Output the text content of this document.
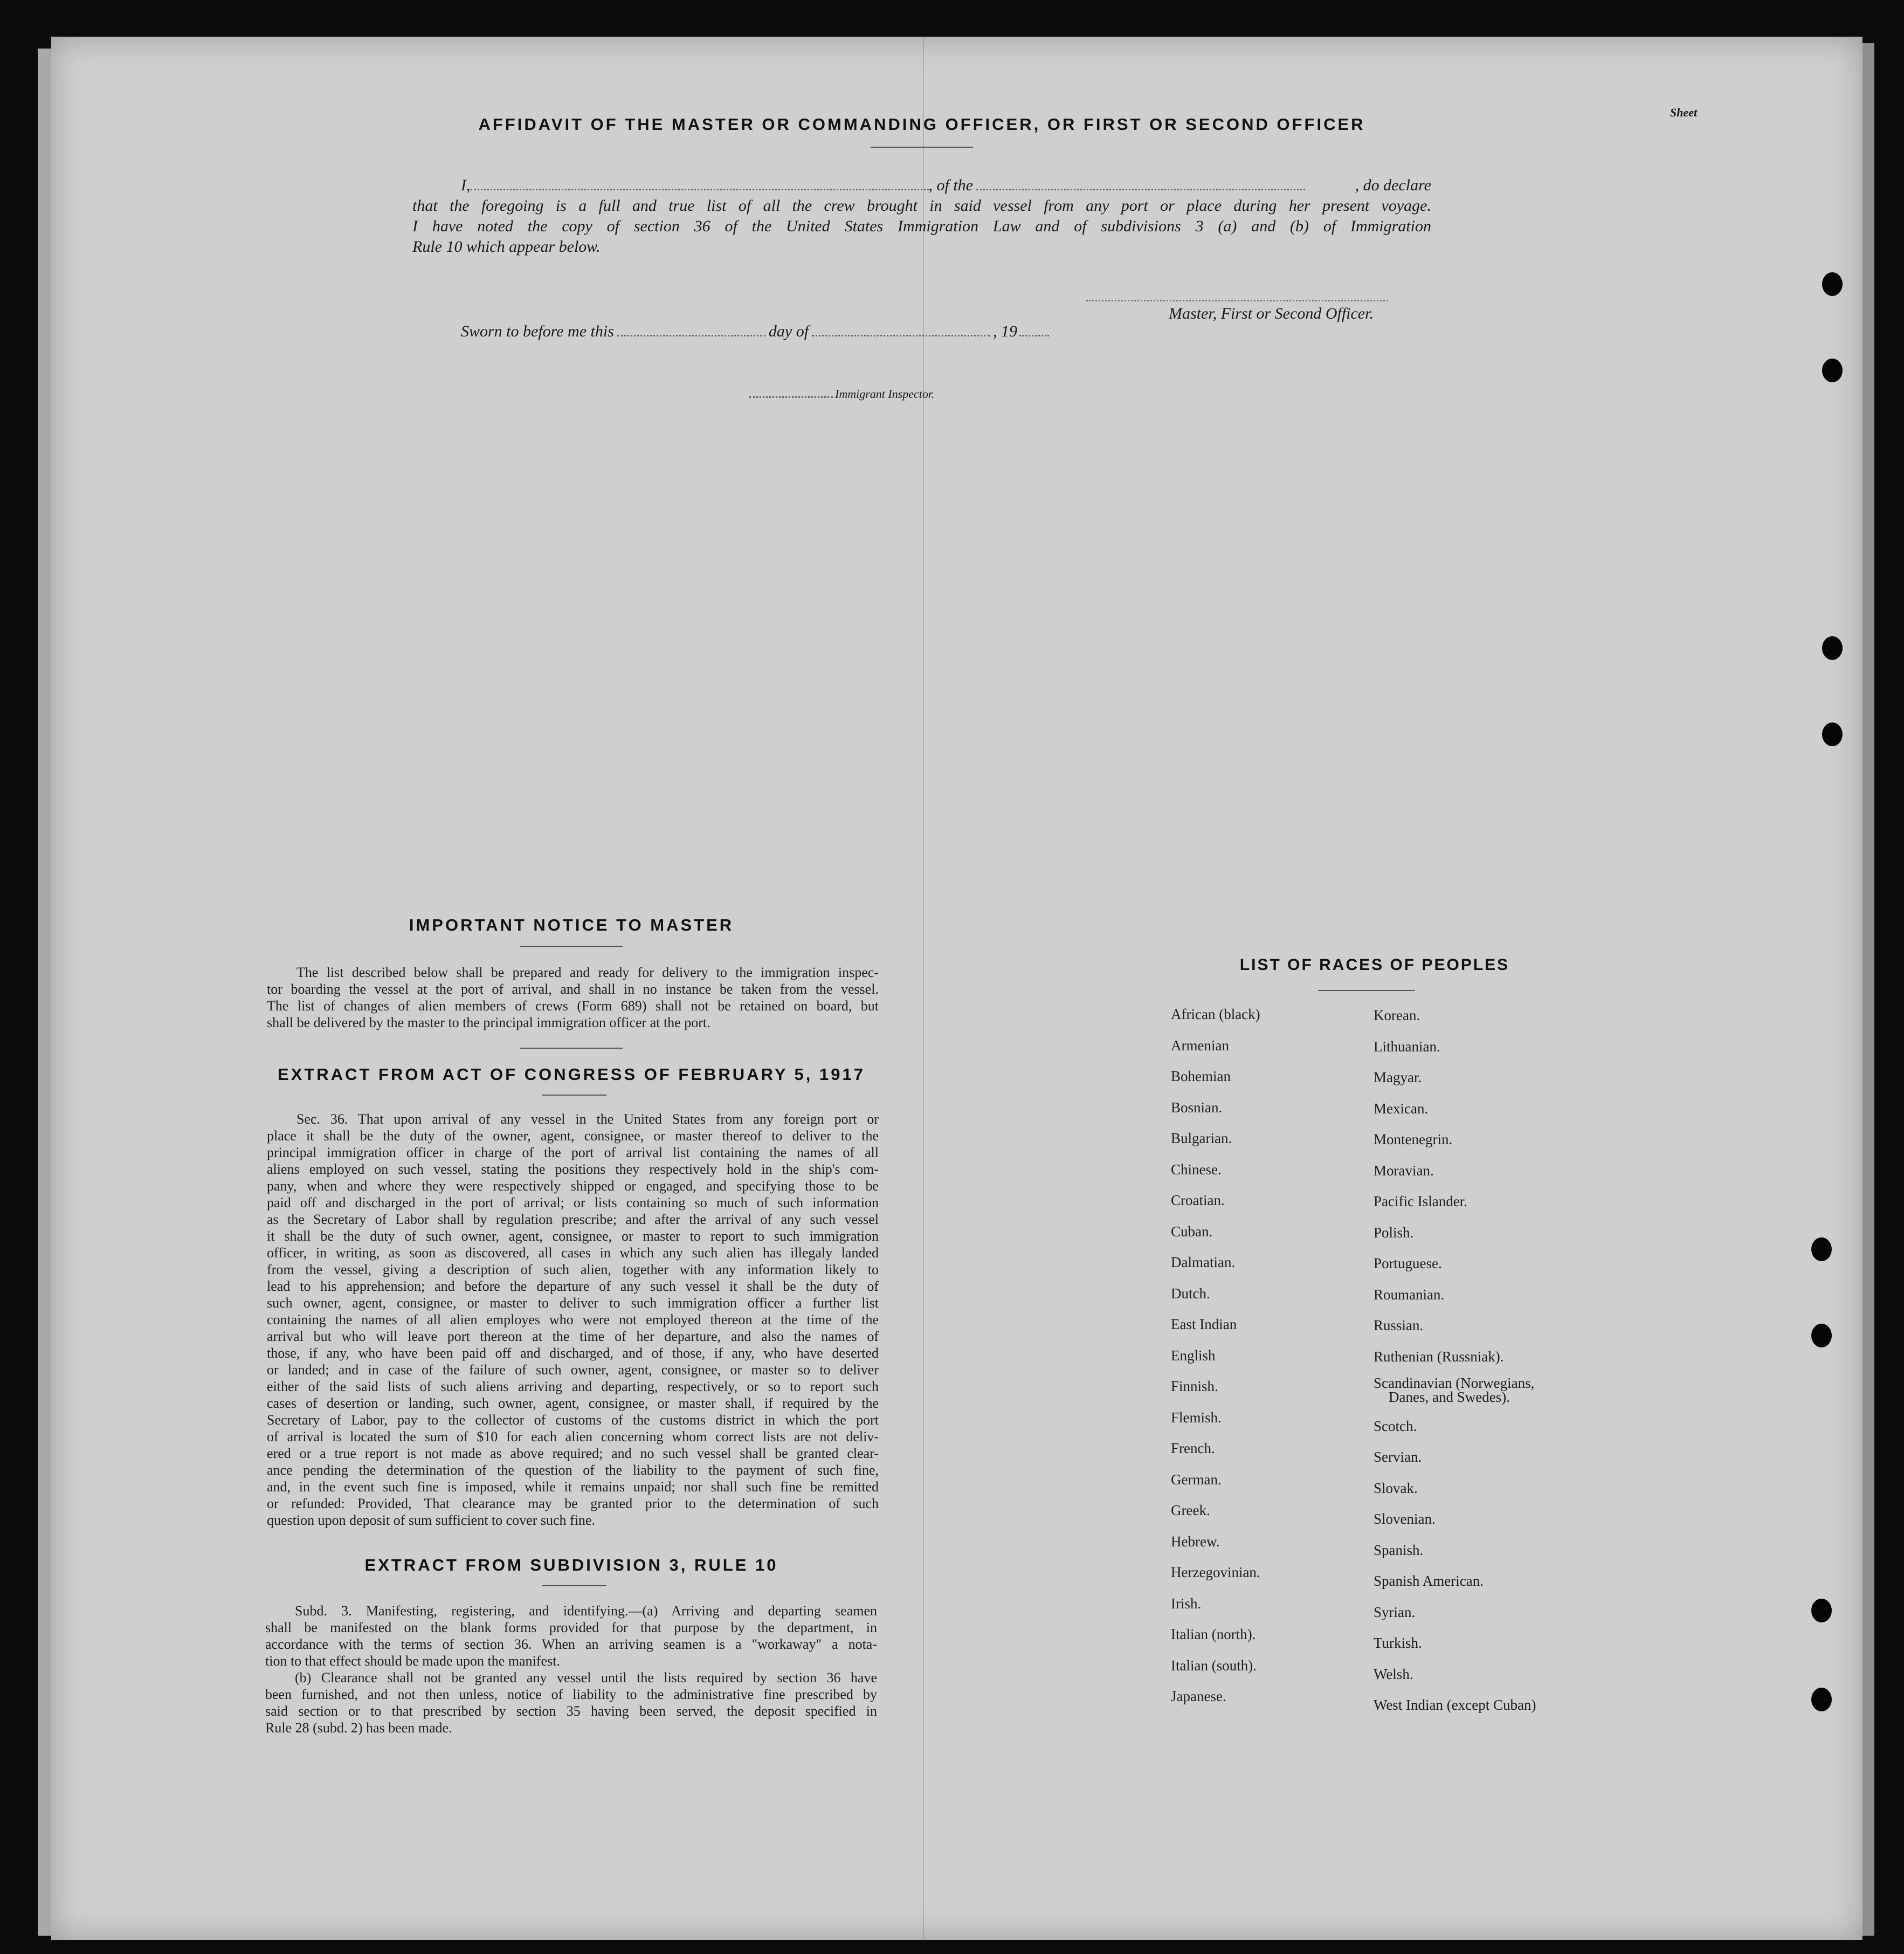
Sheet
AFFIDAVIT OF THE MASTER OR COMMANDING OFFICER, OR FIRST OR SECOND OFFICER
I,	, of the	, do declare
that the foregoing is a full and true list of all the crew brought in said vessel from any port or place during her present voyage.
I have noted the copy of section 36 of the United States Immigration Law and of subdivisions 3 (a) and (b) of Immigration
Rule 10 which appear below.
Master, First or Second Officer.
Sworn to before me this	day of	, 19
Immigrant Inspector.
IMPORTANT NOTICE TO MASTER
The list described below shall be prepared and ready for delivery to the immigration inspec-
tor boarding the vessel at the port of arrival, and shall in no instance be taken from the vessel.
The list of changes of alien members of crews (Form 689) shall not be retained on board, but
shall be delivered by the master to the principal immigration officer at the port.
EXTRACT FROM ACT OF CONGRESS OF FEBRUARY 5, 1917
Sec. 36. That upon arrival of any vessel in the United States from any foreign port or
place it shall be the duty of the owner, agent, consignee, or master thereof to deliver to the
principal immigration officer in charge of the port of arrival list containing the names of all
aliens employed on such vessel, stating the positions they respectively hold in the ship's com-
pany, when and where they were respectively shipped or engaged, and specifying those to be
paid off and discharged in the port of arrival; or lists containing so much of such information
as the Secretary of Labor shall by regulation prescribe; and after the arrival of any such vessel
it shall be the duty of such owner, agent, consignee, or master to report to such immigration
officer, in writing, as soon as discovered, all cases in which any such alien has illegaly landed
from the vessel, giving a description of such alien, together with any information likely to
lead to his apprehension; and before the departure of any such vessel it shall be the duty of
such owner, agent, consignee, or master to deliver to such immigration officer a further list
containing the names of all alien employes who were not employed thereon at the time of the
arrival but who will leave port thereon at the time of her departure, and also the names of
those, if any, who have been paid off and discharged, and of those, if any, who have deserted
or landed; and in case of the failure of such owner, agent, consignee, or master so to deliver
either of the said lists of such aliens arriving and departing, respectively, or so to report such
cases of desertion or landing, such owner, agent, consignee, or master shall, if required by the
Secretary of Labor, pay to the collector of customs of the customs district in which the port
of arrival is located the sum of $10 for each alien concerning whom correct lists are not deliv-
ered or a true report is not made as above required; and no such vessel shall be granted clear-
ance pending the determination of the question of the liability to the payment of such fine,
and, in the event such fine is imposed, while it remains unpaid; nor shall such fine be remitted
or refunded: Provided, That clearance may be granted prior to the determination of such
question upon deposit of sum sufficient to cover such fine.
EXTRACT FROM SUBDIVISION 3, RULE 10
Subd. 3. Manifesting, registering, and identifying.—(a) Arriving and departing seamen
shall be manifested on the blank forms provided for that purpose by the department, in
accordance with the terms of section 36. When an arriving seamen is a "workaway" a nota-
tion to that effect should be made upon the manifest.
(b) Clearance shall not be granted any vessel until the lists required by section 36 have
been furnished, and not then unless, notice of liability to the administrative fine prescribed by
said section or to that prescribed by section 35 having been served, the deposit specified in
Rule 28 (subd. 2) has been made.
LIST OF RACES OF PEOPLES
African (black)
Armenian
Bohemian
Bosnian.
Bulgarian.
Chinese.
Croatian.
Cuban.
Dalmatian.
Dutch.
East Indian
English
Finnish.
Flemish.
French.
German.
Greek.
Hebrew.
Herzegovinian.
Irish.
Italian (north).
Italian (south).
Japanese.
Korean.
Lithuanian.
Magyar.
Mexican.
Montenegrin.
Moravian.
Pacific Islander.
Polish.
Portuguese.
Roumanian.
Russian.
Ruthenian (Russniak).
Scandinavian (Norwegians,
Danes, and Swedes).
Scotch.
Servian.
Slovak.
Slovenian.
Spanish.
Spanish American.
Syrian.
Turkish.
Welsh.
West Indian (except Cuban)
